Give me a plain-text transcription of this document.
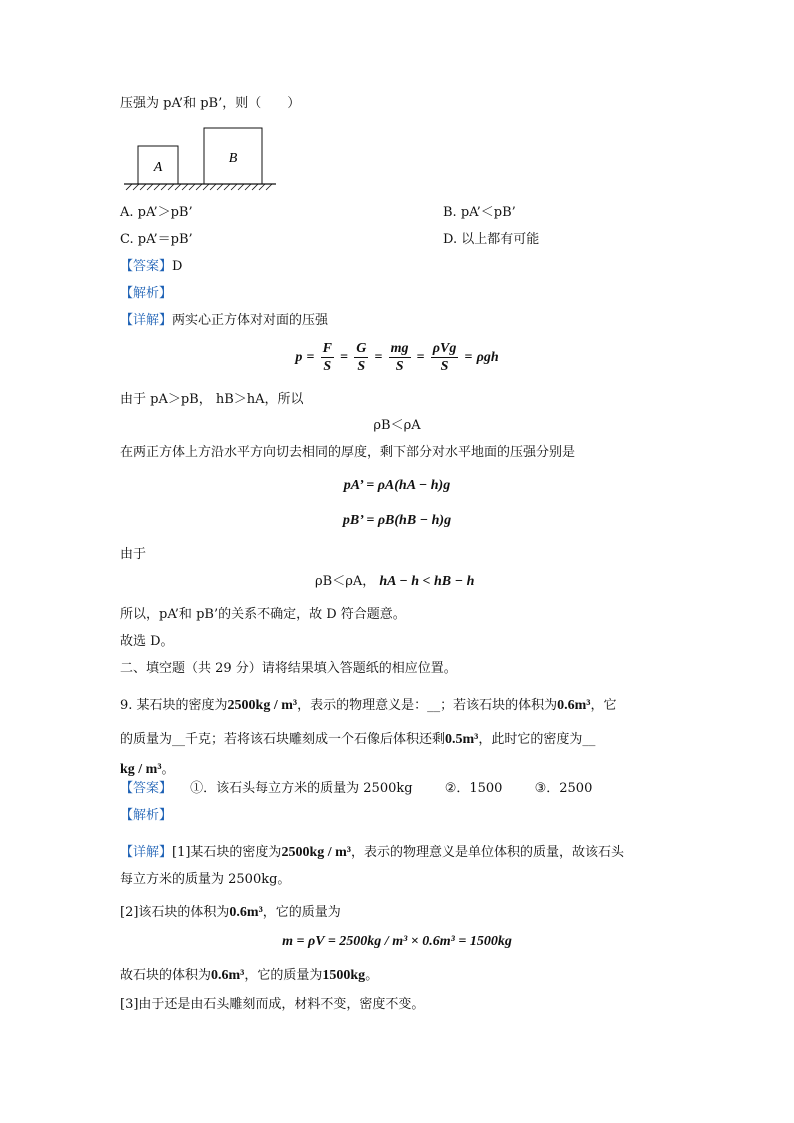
压强为 pA’和 pB’，则（　　）
A
B
A. pA’＞pB’	B. pA’＜pB’
C. pA’＝pB’	D. 以上都有可能
【答案】D
【解析】
【详解】两实心正方体对对面的压强
$p = \frac{F}{S} = \frac{G}{S} = \frac{mg}{S} = \frac{\text{ρVg}}{S} = \rho gh$
由于 pA＞pB， hB＞hA，所以
ρB＜ρA
在两正方体上方沿水平方向切去相同的厚度，剩下部分对水平地面的压强分别是
pA’ = ρA(hA − h)g
pB’ = ρB(hB − h)g
由于
ρB＜ρA， hA − h < hB − h
所以，pA’和 pB’的关系不确定，故 D 符合题意。
故选 D。
二、填空题（共 29 分）请将结果填入答题纸的相应位置。
9. 某石块的密度为2500kg / m³，表示的物理意义是：__；若该石块的体积为0.6m³，它
的质量为__千克；若将该石块雕刻成一个石像后体积还剩0.5m³，此时它的密度为__
kg / m³。
【答案】 ①．该石头每立方米的质量为 2500kg ②．1500 ③．2500
【解析】
【详解】[1]某石块的密度为2500kg / m³，表示的物理意义是单位体积的质量，故该石头
每立方米的质量为 2500kg。
[2]该石块的体积为0.6m³，它的质量为
m = ρV = 2500kg / m³ × 0.6m³ = 1500kg
故石块的体积为0.6m³，它的质量为1500kg。
[3]由于还是由石头雕刻而成，材料不变，密度不变。
